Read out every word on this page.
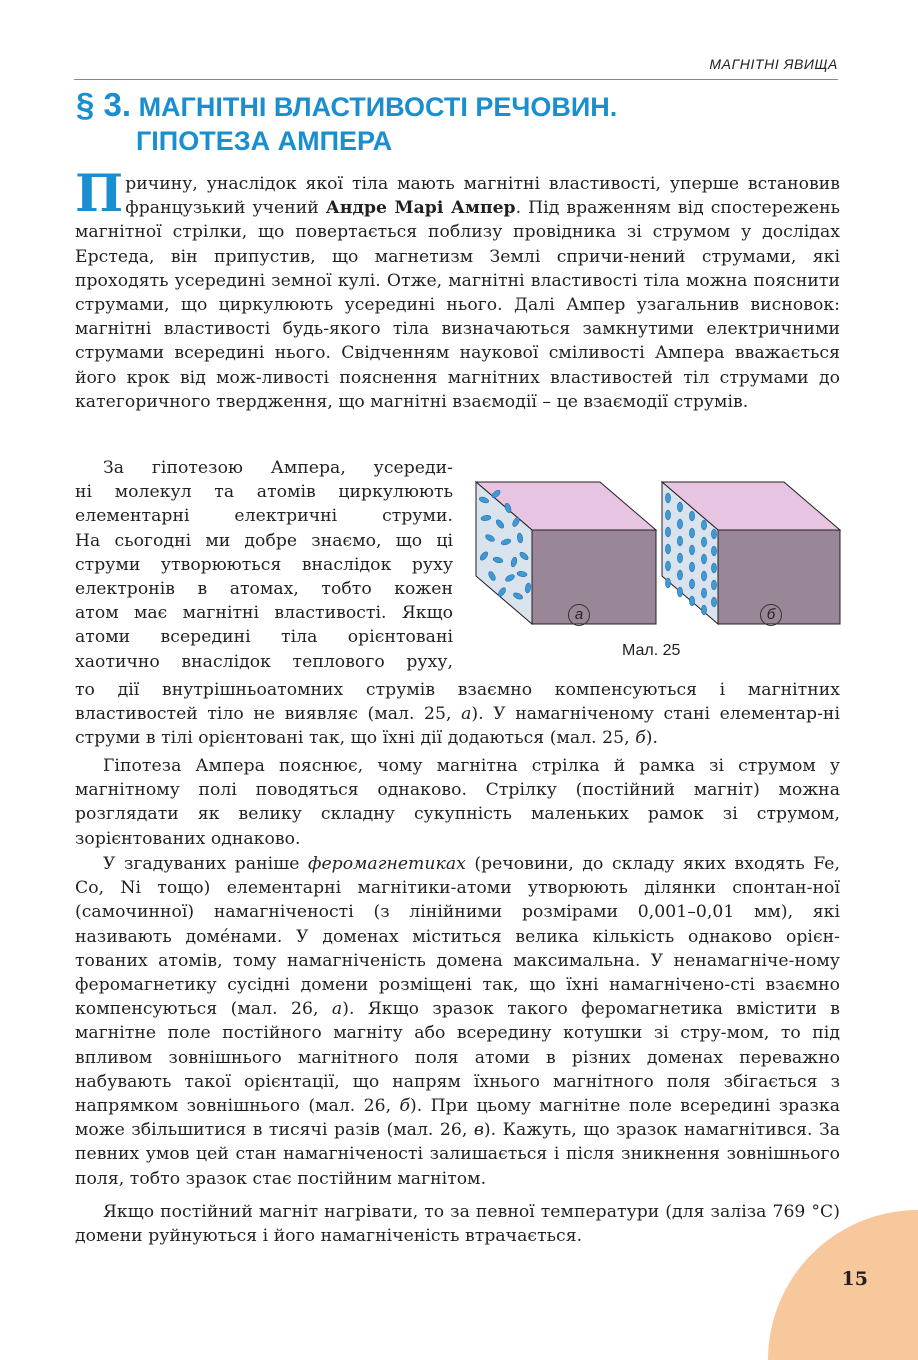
МАГНІТНІ ЯВИЩА
§ 3. МАГНІТНІ ВЛАСТИВОСТІ РЕЧОВИН.
ГІПОТЕЗА АМПЕРА

Причину, унаслідок якої тіла мають магнітні властивості, уперше встановив французький учений Андре Марі Ампер. Під враженням від спостережень магнітної стрілки, що повертається поблизу провідника зі струмом у дослідах Ерстеда, він припустив, що магнетизм Землі спричи-нений струмами, які проходять усередині земної кулі. Отже, магнітні властивості тіла можна пояснити струмами, що циркулюють усередині нього. Далі Ампер узагальнив висновок: магнітні властивості будь-якого тіла визначаються замкнутими електричними струмами всередині нього. Свідченням наукової сміливості Ампера вважається його крок від мож-ливості пояснення магнітних властивостей тіл струмами до категоричного твердження, що магнітні взаємодії – це взаємодії струмів.

За гіпотезою Ампера, усереди-
ні молекул та атомів циркулюють
елементарні електричні струми.
На сьогодні ми добре знаємо, що ці
струми утворюються внаслідок руху
електронів в атомах, тобто кожен
атом має магнітні властивості. Якщо
атоми всередині тіла орієнтовані
хаотично внаслідок теплового руху,
а	б
Мал. 25

то дії внутрішньоатомних струмів взаємно компенсуються і магнітних властивостей тіло не виявляє (мал. 25, а). У намагніченому стані елементар-ні струми в тілі орієнтовані так, що їхні дії додаються (мал. 25, б).

Гіпотеза Ампера пояснює, чому магнітна стрілка й рамка зі струмом у магнітному полі поводяться однаково. Стрілку (постійний магніт) можна розглядати як велику складну сукупність маленьких рамок зі струмом, зорієнтованих однаково.

У згадуваних раніше феромагнетиках (речовини, до складу яких входять Fe, Co, Ni тощо) елементарні магнітики-атоми утворюють ділянки спонтан-ної (самочинної) намагніченості (з лінійними розмірами 0,001–0,01 мм), які називають домéнами. У доменах міститься велика кількість однаково орієн-тованих атомів, тому намагніченість домена максимальна. У ненамагніче-ному феромагнетику сусідні домени розміщені так, що їхні намагнічено-сті взаємно компенсуються (мал. 26, а). Якщо зразок такого феромагнетика вмістити в магнітне поле постійного магніту або всередину котушки зі стру-мом, то під впливом зовнішнього магнітного поля атоми в різних доменах переважно набувають такої орієнтації, що напрям їхнього магнітного поля збігається з напрямком зовнішнього (мал. 26, б). При цьому магнітне поле всередині зразка може збільшитися в тисячі разів (мал. 26, в). Кажуть, що зразок намагнітився. За певних умов цей стан намагніченості залишається і після зникнення зовнішнього поля, тобто зразок стає постійним магнітом.

Якщо постійний магніт нагрівати, то за певної температури (для заліза 769 °С) домени руйнуються і його намагніченість втрачається.

15
